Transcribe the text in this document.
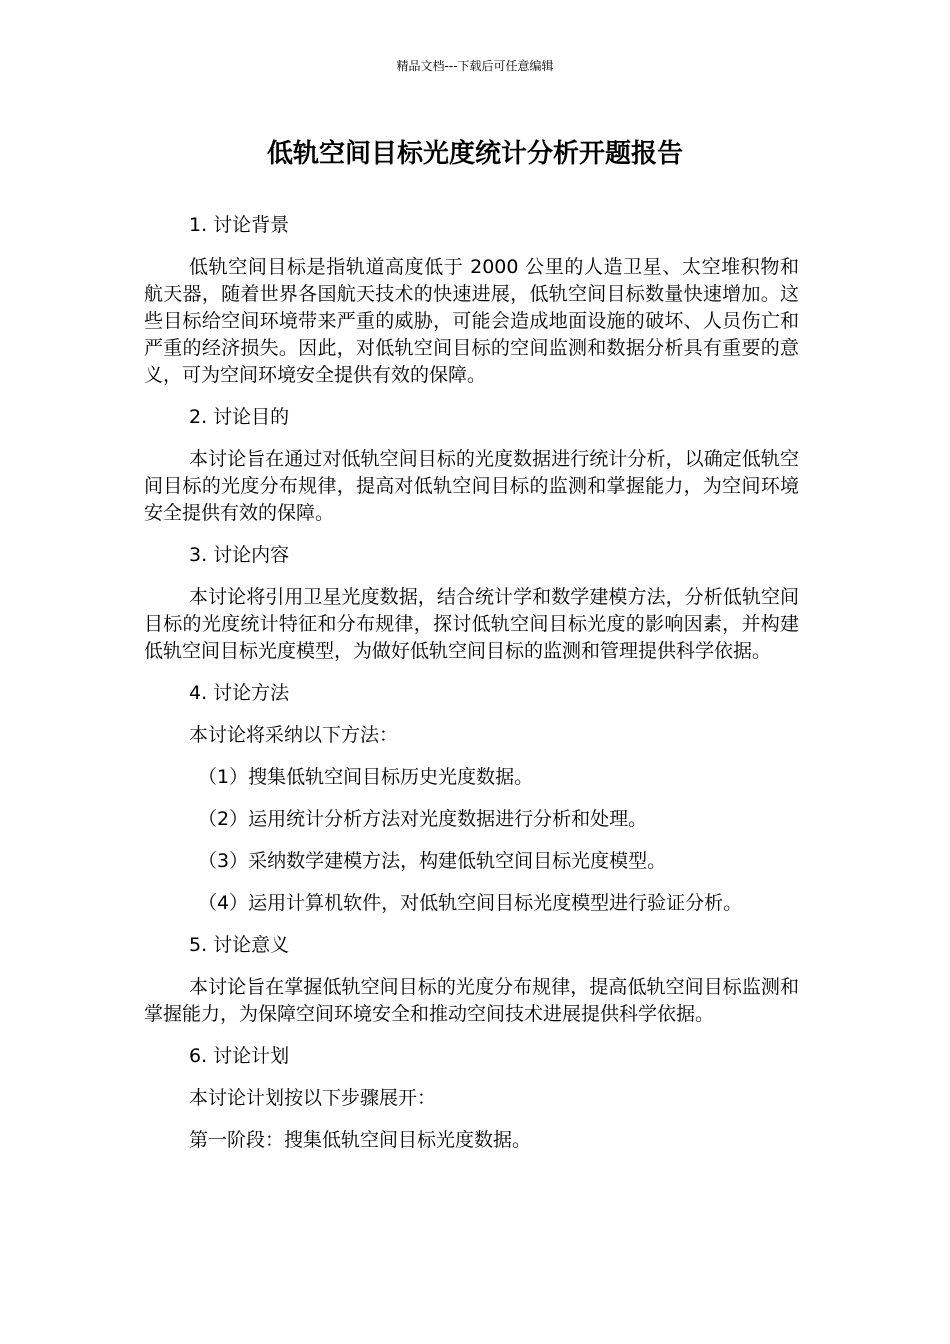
精品文档---下载后可任意编辑
低轨空间目标光度统计分析开题报告
1. 讨论背景

低轨空间目标是指轨道高度低于 2000 公里的人造卫星、太空堆积物和航天器，随着世界各国航天技术的快速进展，低轨空间目标数量快速增加。这些目标给空间环境带来严重的威胁，可能会造成地面设施的破坏、人员伤亡和严重的经济损失。因此，对低轨空间目标的空间监测和数据分析具有重要的意义，可为空间环境安全提供有效的保障。

2. 讨论目的

本讨论旨在通过对低轨空间目标的光度数据进行统计分析，以确定低轨空间目标的光度分布规律，提高对低轨空间目标的监测和掌握能力，为空间环境安全提供有效的保障。

3. 讨论内容

本讨论将引用卫星光度数据，结合统计学和数学建模方法，分析低轨空间目标的光度统计特征和分布规律，探讨低轨空间目标光度的影响因素，并构建低轨空间目标光度模型，为做好低轨空间目标的监测和管理提供科学依据。

4. 讨论方法
本讨论将采纳以下方法：
（1）搜集低轨空间目标历史光度数据。
（2）运用统计分析方法对光度数据进行分析和处理。
（3）采纳数学建模方法，构建低轨空间目标光度模型。
（4）运用计算机软件，对低轨空间目标光度模型进行验证分析。
5. 讨论意义

本讨论旨在掌握低轨空间目标的光度分布规律，提高低轨空间目标监测和掌握能力，为保障空间环境安全和推动空间技术进展提供科学依据。

6. 讨论计划
本讨论计划按以下步骤展开：
第一阶段：搜集低轨空间目标光度数据。
